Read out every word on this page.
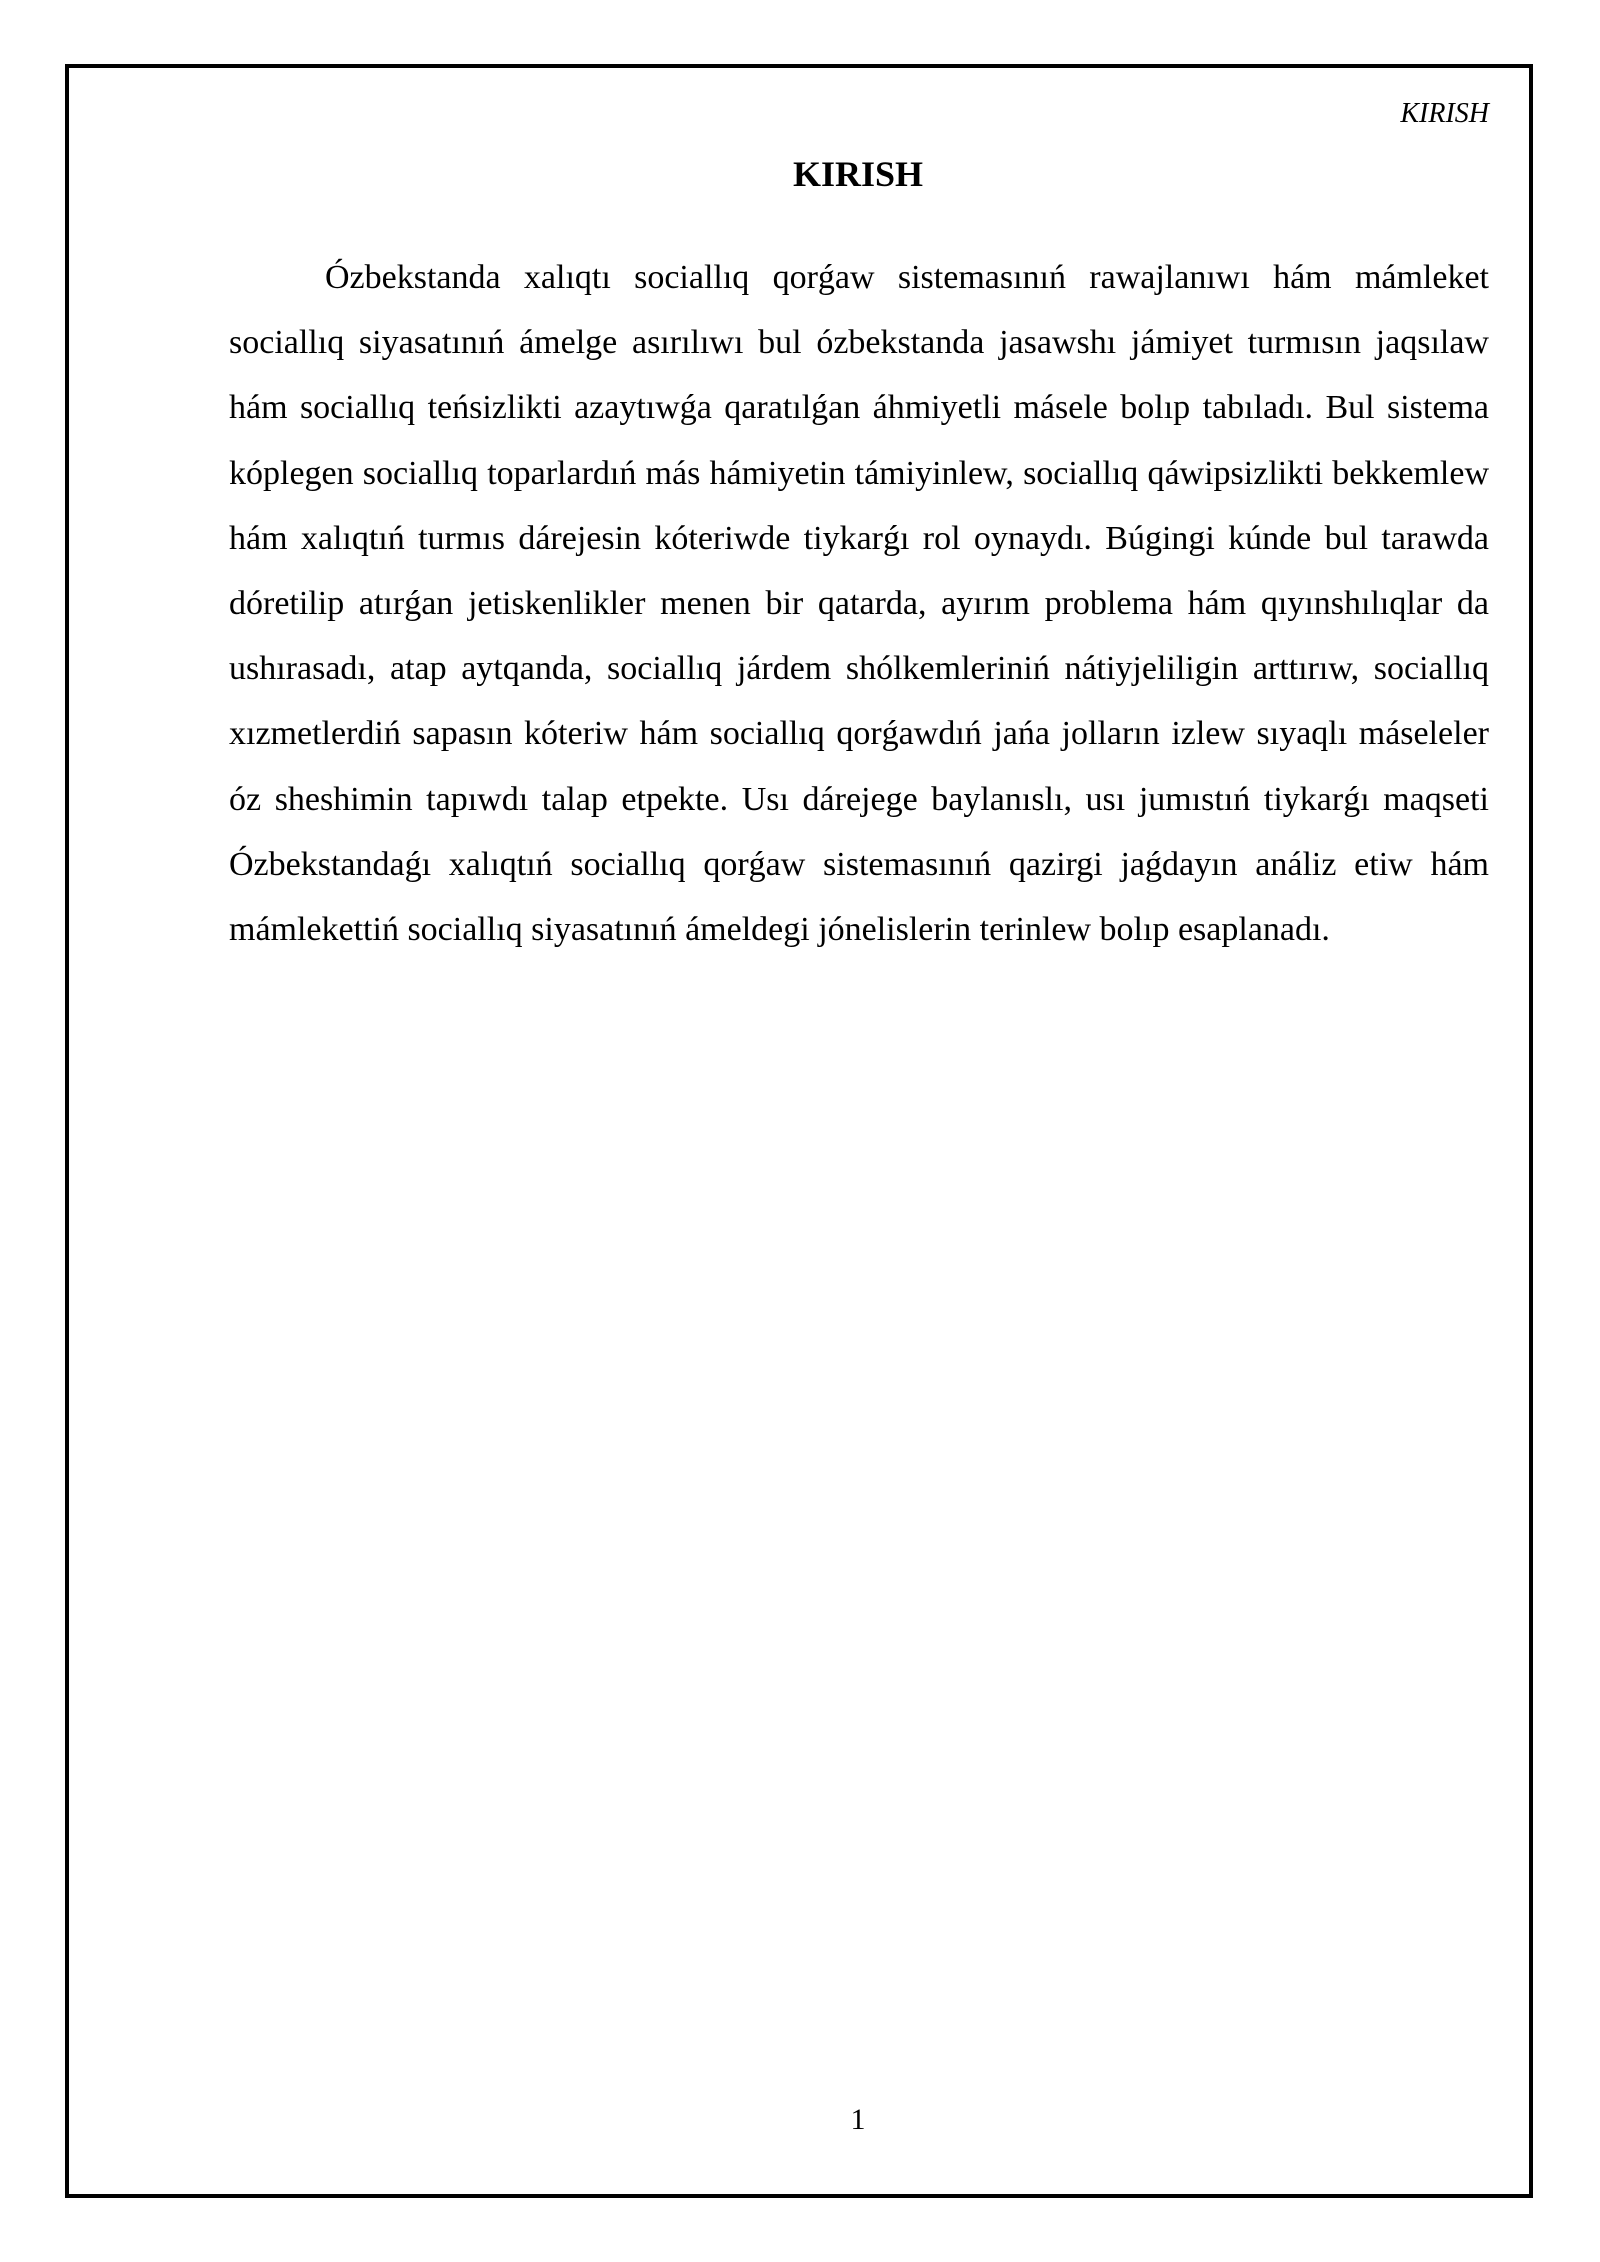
KIRISH
KIRISH

Ózbekstanda xalıqtı sociallıq qorǵaw sistemasınıń rawajlanıwı hám mámleket sociallıq siyasatınıń ámelge asırılıwı bul ózbekstanda jasawshı jámiyet turmısın jaqsılaw hám sociallıq teńsizlikti azaytıwǵa qaratılǵan áhmiyetli másele bolıp tabıladı. Bul sistema kóplegen sociallıq toparlardıń más hámiyetin támiyinlew, sociallıq qáwipsizlikti bekkemlew hám xalıqtıń turmıs dárejesin kóteriwde tiykarǵı rol oynaydı. Búgingi kúnde bul tarawda dóretilip atırǵan jetiskenlikler menen bir qatarda, ayırım problema hám qıyınshılıqlar da ushırasadı, atap aytqanda, sociallıq járdem shólkemleriniń nátiyjeliligin arttırıw, sociallıq xızmetlerdiń sapasın kóteriw hám sociallıq qorǵawdıń jańa jolların izlew sıyaqlı máseleler óz sheshimin tapıwdı talap etpekte. Usı dárejege baylanıslı, usı jumıstıń tiykarǵı maqseti Ózbekstandaǵı xalıqtıń sociallıq qorǵaw sistemasınıń qazirgi jaǵdayın análiz etiw hám mámlekettiń sociallıq siyasatınıń ámeldegi jónelislerin terinlew bolıp esaplanadı.

1
